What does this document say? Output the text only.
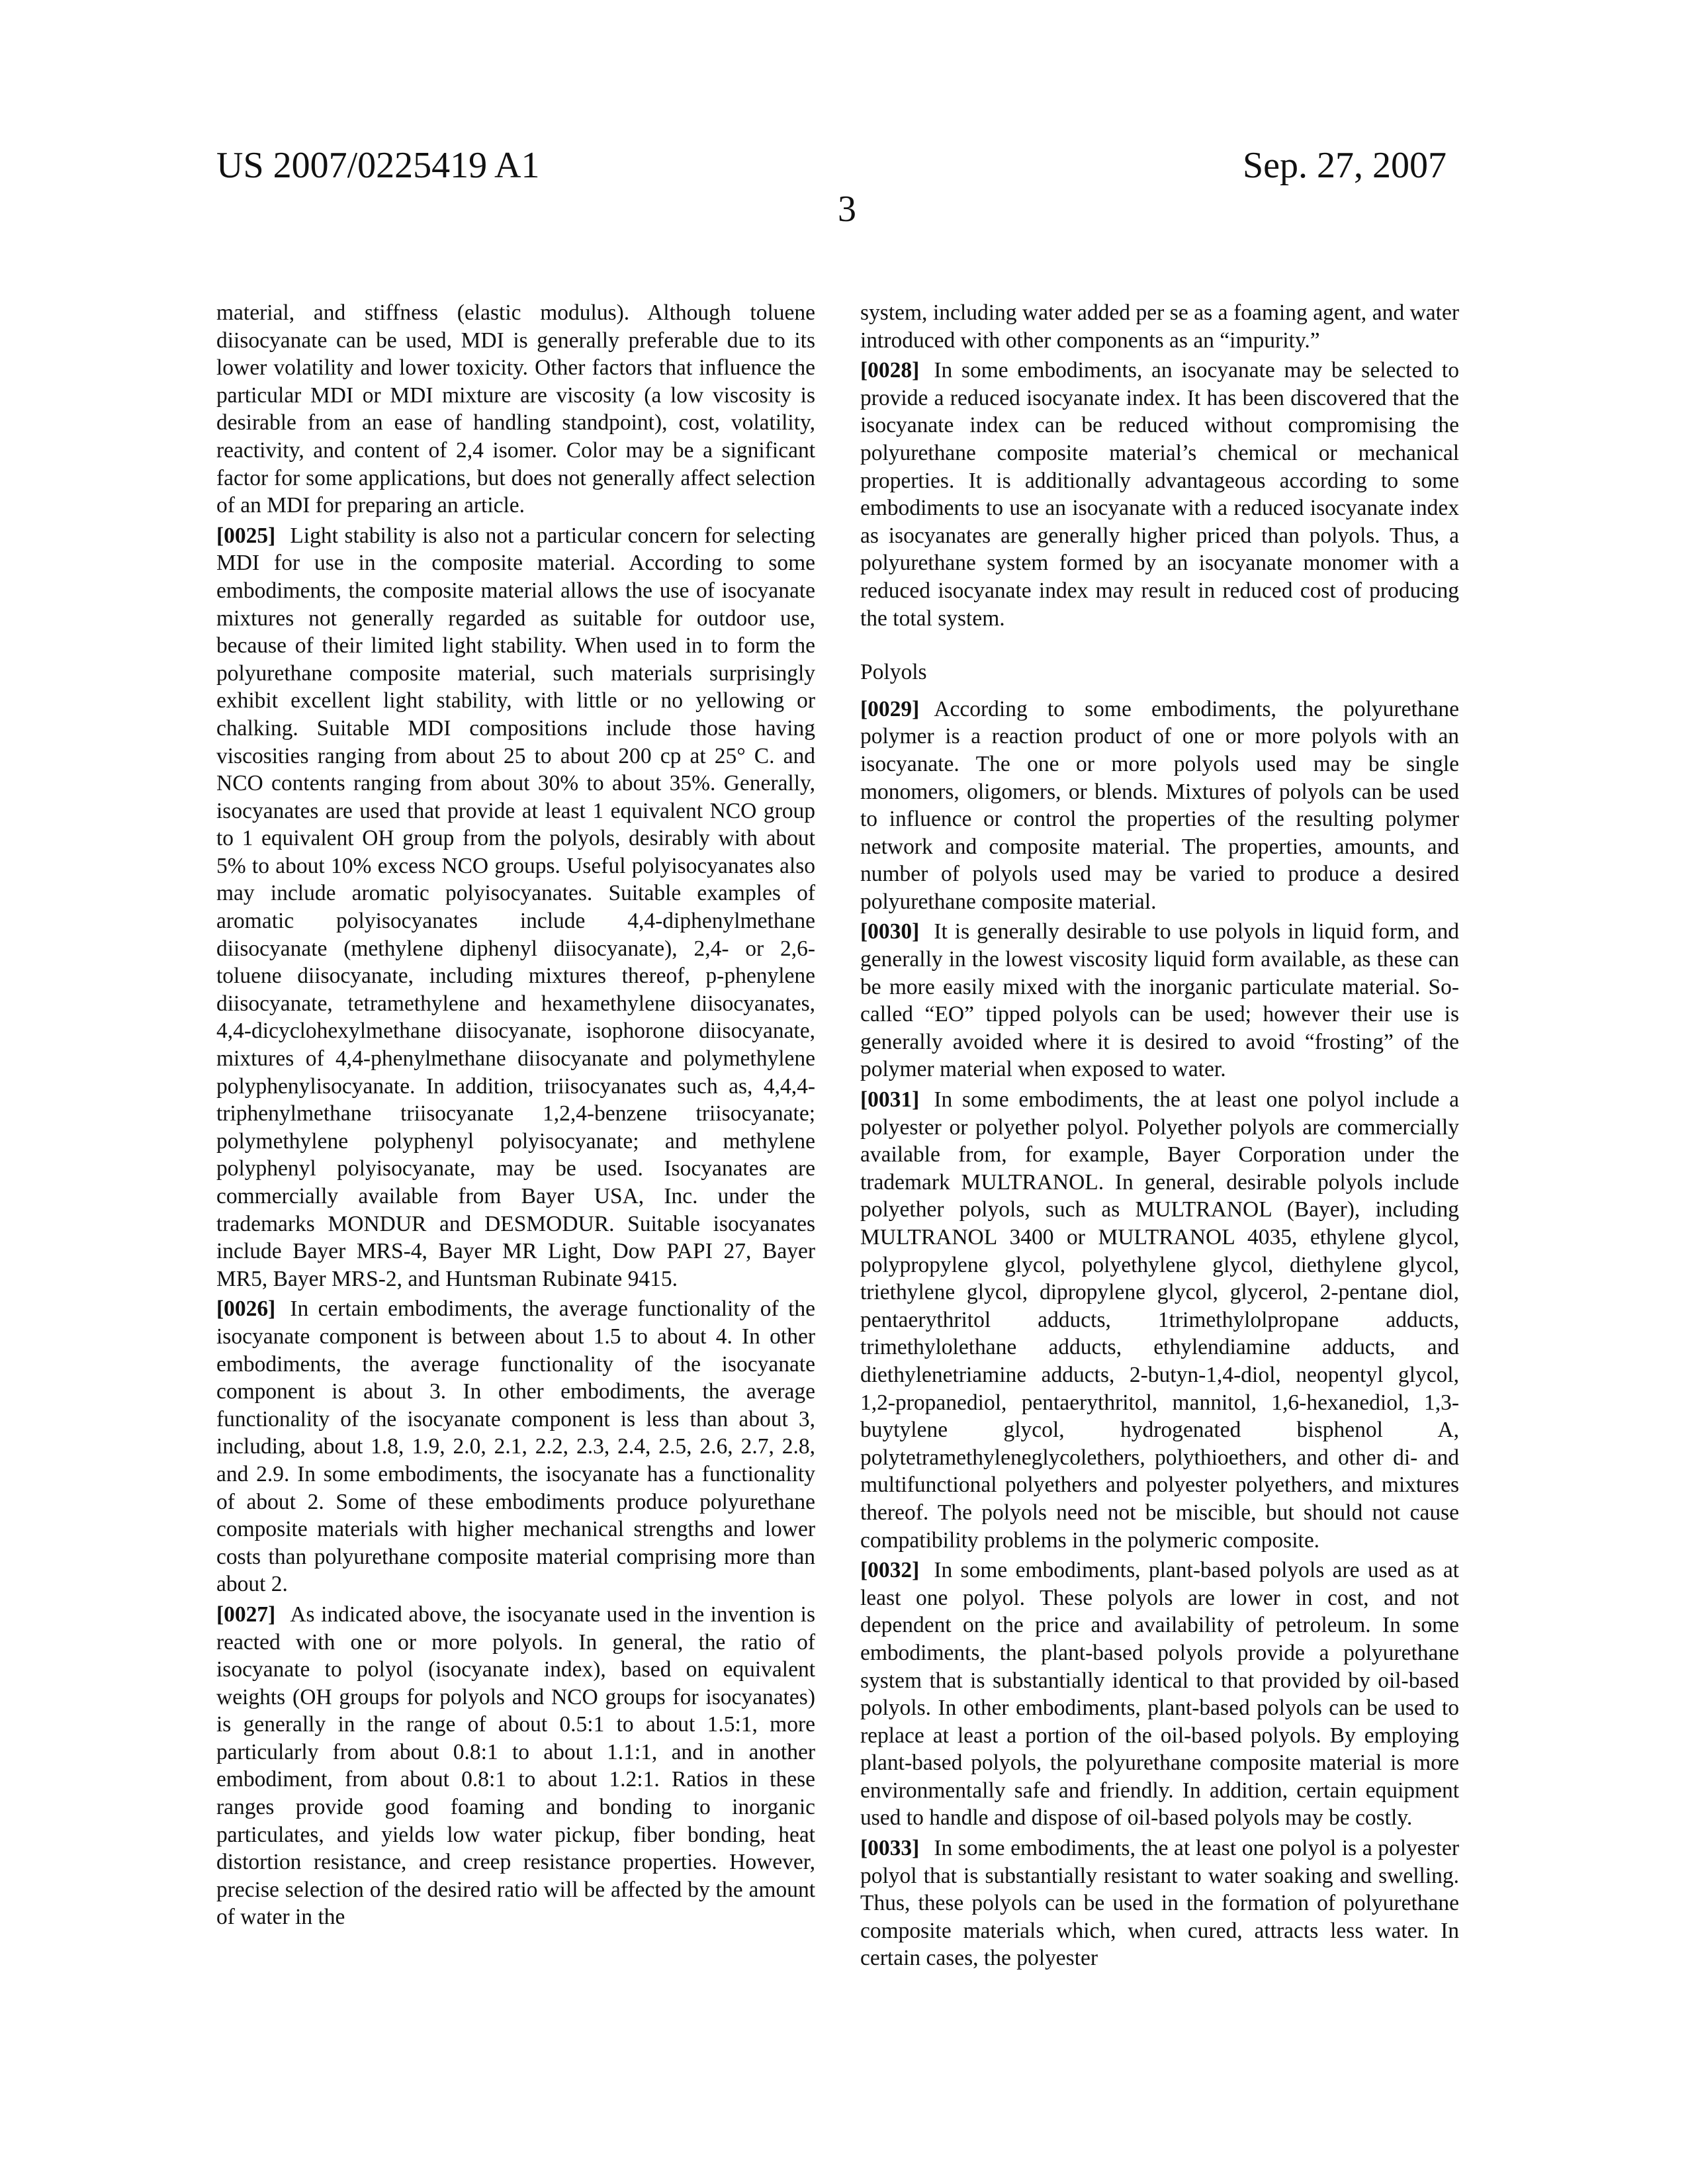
US 2007/0225419 A1	Sep. 27, 2007
3

material, and stiffness (elastic modulus). Although toluene diisocyanate can be used, MDI is generally preferable due to its lower volatility and lower toxicity. Other factors that influence the particular MDI or MDI mixture are viscosity (a low viscosity is desirable from an ease of handling standpoint), cost, volatility, reactivity, and content of 2,4 isomer. Color may be a significant factor for some applications, but does not generally affect selection of an MDI for preparing an article.

[0025] Light stability is also not a particular concern for selecting MDI for use in the composite material. According to some embodiments, the composite material allows the use of isocyanate mixtures not generally regarded as suitable for outdoor use, because of their limited light stability. When used in to form the polyurethane composite material, such materials surprisingly exhibit excellent light stability, with little or no yellowing or chalking. Suitable MDI compositions include those having viscosities ranging from about 25 to about 200 cp at 25° C. and NCO contents ranging from about 30% to about 35%. Generally, isocyanates are used that provide at least 1 equivalent NCO group to 1 equivalent OH group from the polyols, desirably with about 5% to about 10% excess NCO groups. Useful polyisocyanates also may include aromatic polyisocyanates. Suitable examples of aromatic polyisocyanates include 4,4-diphenylmethane diisocyanate (methylene diphenyl diisocyanate), 2,4- or 2,6-toluene diisocyanate, including mixtures thereof, p-phenylene diisocyanate, tetramethylene and hexamethylene diisocyanates, 4,4-dicyclohexylmethane diisocyanate, isophorone diisocyanate, mixtures of 4,4-phenylmethane diisocyanate and polymethylene polyphenylisocyanate. In addition, triisocyanates such as, 4,4,4-triphenylmethane triisocyanate 1,2,4-benzene triisocyanate; polymethylene polyphenyl polyisocyanate; and methylene polyphenyl polyisocyanate, may be used. Isocyanates are commercially available from Bayer USA, Inc. under the trademarks MONDUR and DESMODUR. Suitable isocyanates include Bayer MRS-4, Bayer MR Light, Dow PAPI 27, Bayer MR5, Bayer MRS-2, and Huntsman Rubinate 9415.

[0026] In certain embodiments, the average functionality of the isocyanate component is between about 1.5 to about 4. In other embodiments, the average functionality of the isocyanate component is about 3. In other embodiments, the average functionality of the isocyanate component is less than about 3, including, about 1.8, 1.9, 2.0, 2.1, 2.2, 2.3, 2.4, 2.5, 2.6, 2.7, 2.8, and 2.9. In some embodiments, the isocyanate has a functionality of about 2. Some of these embodiments produce polyurethane composite materials with higher mechanical strengths and lower costs than polyurethane composite material comprising more than about 2.

[0027] As indicated above, the isocyanate used in the invention is reacted with one or more polyols. In general, the ratio of isocyanate to polyol (isocyanate index), based on equivalent weights (OH groups for polyols and NCO groups for isocyanates) is generally in the range of about 0.5:1 to about 1.5:1, more particularly from about 0.8:1 to about 1.1:1, and in another embodiment, from about 0.8:1 to about 1.2:1. Ratios in these ranges provide good foaming and bonding to inorganic particulates, and yields low water pickup, fiber bonding, heat distortion resistance, and creep resistance properties. However, precise selection of the desired ratio will be affected by the amount of water in the

system, including water added per se as a foaming agent, and water introduced with other components as an “impurity.”

[0028] In some embodiments, an isocyanate may be selected to provide a reduced isocyanate index. It has been discovered that the isocyanate index can be reduced without compromising the polyurethane composite material’s chemical or mechanical properties. It is additionally advantageous according to some embodiments to use an isocyanate with a reduced isocyanate index as isocyanates are generally higher priced than polyols. Thus, a polyurethane system formed by an isocyanate monomer with a reduced isocyanate index may result in reduced cost of producing the total system.

Polyols

[0029] According to some embodiments, the polyurethane polymer is a reaction product of one or more polyols with an isocyanate. The one or more polyols used may be single monomers, oligomers, or blends. Mixtures of polyols can be used to influence or control the properties of the resulting polymer network and composite material. The properties, amounts, and number of polyols used may be varied to produce a desired polyurethane composite material.

[0030] It is generally desirable to use polyols in liquid form, and generally in the lowest viscosity liquid form available, as these can be more easily mixed with the inorganic particulate material. So-called “EO” tipped polyols can be used; however their use is generally avoided where it is desired to avoid “frosting” of the polymer material when exposed to water.

[0031] In some embodiments, the at least one polyol include a polyester or polyether polyol. Polyether polyols are commercially available from, for example, Bayer Corporation under the trademark MULTRANOL. In general, desirable polyols include polyether polyols, such as MULTRANOL (Bayer), including MULTRANOL 3400 or MULTRANOL 4035, ethylene glycol, polypropylene glycol, polyethylene glycol, diethylene glycol, triethylene glycol, dipropylene glycol, glycerol, 2-pentane diol, pentaerythritol adducts, 1trimethylolpropane adducts, trimethylolethane adducts, ethylendiamine adducts, and diethylenetriamine adducts, 2-butyn-1,4-diol, neopentyl glycol, 1,2-propanediol, pentaerythritol, mannitol, 1,6-hexanediol, 1,3-buytylene glycol, hydrogenated bisphenol A, polytetramethyleneglycolethers, polythioethers, and other di- and multifunctional polyethers and polyester polyethers, and mixtures thereof. The polyols need not be miscible, but should not cause compatibility problems in the polymeric composite.

[0032] In some embodiments, plant-based polyols are used as at least one polyol. These polyols are lower in cost, and not dependent on the price and availability of petroleum. In some embodiments, the plant-based polyols provide a polyurethane system that is substantially identical to that provided by oil-based polyols. In other embodiments, plant-based polyols can be used to replace at least a portion of the oil-based polyols. By employing plant-based polyols, the polyurethane composite material is more environmentally safe and friendly. In addition, certain equipment used to handle and dispose of oil-based polyols may be costly.

[0033] In some embodiments, the at least one polyol is a polyester polyol that is substantially resistant to water soaking and swelling. Thus, these polyols can be used in the formation of polyurethane composite materials which, when cured, attracts less water. In certain cases, the polyester
